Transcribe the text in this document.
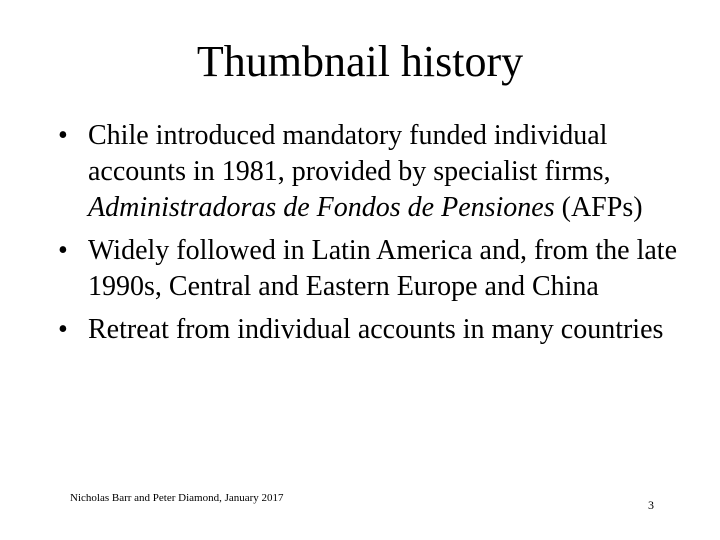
Thumbnail history
• Chile introduced mandatory funded individual accounts in 1981, provided by specialist firms, Administradoras de Fondos de Pensiones (AFPs)
• Widely followed in Latin America and, from the late 1990s, Central and Eastern Europe and China
• Retreat from individual accounts in many countries
Nicholas Barr and Peter Diamond, January 2017	3
